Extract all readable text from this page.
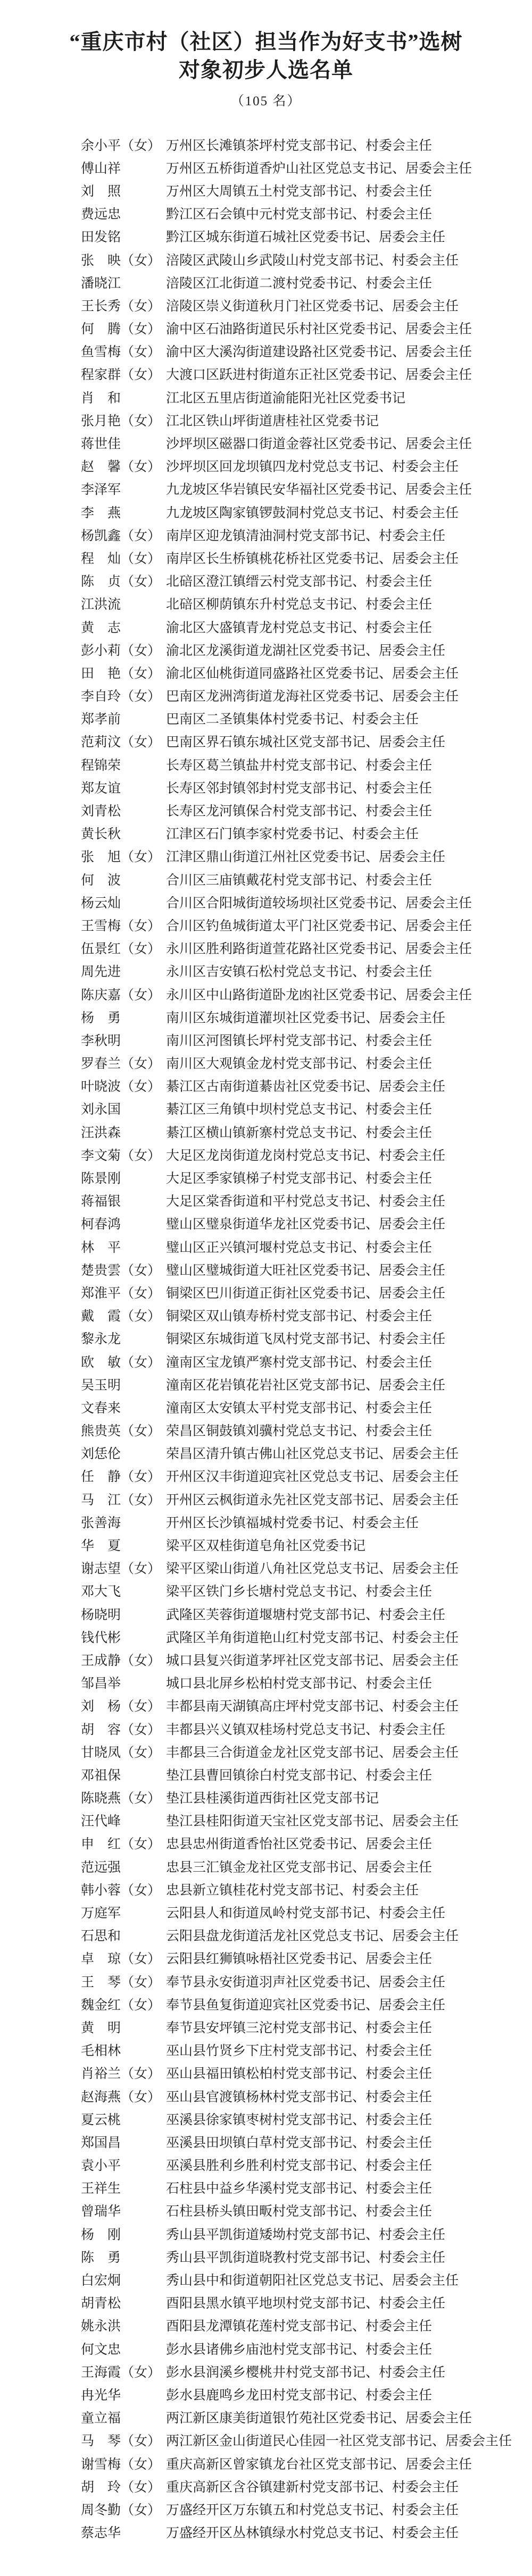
“重庆市村（社区）担当作为好支书”选树
对象初步人选名单
（105 名）
余小平（女） 万州区长滩镇茶坪村党支部书记、村委会主任
傅山祥	万州区五桥街道香炉山社区党总支书记、居委会主任
刘　照	万州区大周镇五土村党支部书记、村委会主任
费远忠	黔江区石会镇中元村党支部书记、村委会主任
田发铭	黔江区城东街道石城社区党委书记、居委会主任
张　映（女） 涪陵区武陵山乡武陵山村党支部书记、村委会主任
潘晓江	涪陵区江北街道二渡村党委书记、村委会主任
王长秀（女） 涪陵区崇义街道秋月门社区党委书记、居委会主任
何　腾（女） 渝中区石油路街道民乐村社区党委书记、居委会主任
鱼雪梅（女） 渝中区大溪沟街道建设路社区党委书记、居委会主任
程家群（女） 大渡口区跃进村街道东正社区党委书记、居委会主任
肖　和	江北区五里店街道渝能阳光社区党委书记
张月艳（女） 江北区铁山坪街道唐桂社区党委书记
蒋世佳	沙坪坝区磁器口街道金蓉社区党委书记、居委会主任
赵　馨（女） 沙坪坝区回龙坝镇四龙村党总支书记、村委会主任
李泽军	九龙坡区华岩镇民安华福社区党委书记、居委会主任
李　燕	九龙坡区陶家镇锣鼓洞村党总支书记、村委会主任
杨凯鑫（女） 南岸区迎龙镇清油洞村党支部书记、村委会主任
程　灿（女） 南岸区长生桥镇桃花桥社区党委书记、居委会主任
陈　贞（女） 北碚区澄江镇缙云村党支部书记、村委会主任
江洪流	北碚区柳荫镇东升村党总支书记、村委会主任
黄　志	渝北区大盛镇青龙村党总支书记、村委会主任
彭小莉（女） 渝北区龙溪街道龙湖社区党委书记、居委会主任
田　艳（女） 渝北区仙桃街道同盛路社区党委书记、居委会主任
李自玲（女） 巴南区龙洲湾街道龙海社区党委书记、居委会主任
郑孝前	巴南区二圣镇集体村党委书记、村委会主任
范莉汶（女） 巴南区界石镇东城社区党支部书记、居委会主任
程锦荣	长寿区葛兰镇盐井村党支部书记、村委会主任
郑友谊	长寿区邻封镇邻封村党支部书记、村委会主任
刘青松	长寿区龙河镇保合村党支部书记、村委会主任
黄长秋	江津区石门镇李家村党委书记、村委会主任
张　旭（女） 江津区鼎山街道江州社区党委书记、居委会主任
何　波	合川区三庙镇戴花村党支部书记、村委会主任
杨云灿	合川区合阳城街道较场坝社区党委书记、居委会主任
王雪梅（女） 合川区钓鱼城街道太平门社区党委书记、居委会主任
伍景红（女） 永川区胜利路街道萱花路社区党委书记、居委会主任
周先进	永川区吉安镇石松村党总支书记、村委会主任
陈庆嘉（女） 永川区中山路街道卧龙凼社区党委书记、居委会主任
杨　勇	南川区东城街道灌坝社区党委书记、居委会主任
李秋明	南川区河图镇长坪村党支部书记、村委会主任
罗春兰（女） 南川区大观镇金龙村党支部书记、村委会主任
叶晓波（女） 綦江区古南街道綦齿社区党委书记、居委会主任
刘永国	綦江区三角镇中坝村党总支书记、村委会主任
汪洪森	綦江区横山镇新寨村党总支书记、村委会主任
李文菊（女） 大足区龙岗街道龙岗村党总支书记、村委会主任
陈景刚	大足区季家镇梯子村党支部书记、村委会主任
蒋福银	大足区棠香街道和平村党总支书记、村委会主任
柯春鸿	璧山区璧泉街道华龙社区党委书记、居委会主任
林　平	璧山区正兴镇河堰村党总支书记、村委会主任
楚贵雲（女） 璧山区璧城街道大旺社区党委书记、居委会主任
郑淮平（女） 铜梁区巴川街道正街社区党委书记、居委会主任
戴　霞（女） 铜梁区双山镇寿桥村党支部书记、村委会主任
黎永龙	铜梁区东城街道飞凤村党支部书记、村委会主任
欧　敏（女） 潼南区宝龙镇严寨村党支部书记、村委会主任
吴玉明	潼南区花岩镇花岩社区党支部书记、居委会主任
文春来	潼南区太安镇太平村党支部书记、村委会主任
熊贵英（女） 荣昌区铜鼓镇刘骥村党总支书记、村委会主任
刘恁伦	荣昌区清升镇古佛山社区党总支书记、居委会主任
任　静（女） 开州区汉丰街道迎宾社区党总支书记、居委会主任
马　江（女） 开州区云枫街道永先社区党支部书记、居委会主任
张善海	开州区长沙镇福城村党委书记、村委会主任
华　夏	梁平区双桂街道皂角社区党委书记
谢志望（女） 梁平区梁山街道八角社区党总支书记、居委会主任
邓大飞	梁平区铁门乡长塘村党总支书记、村委会主任
杨晓明	武隆区芙蓉街道堰塘村党支部书记、村委会主任
钱代彬	武隆区羊角街道艳山红村党支部书记、村委会主任
王成静（女） 城口县复兴街道茅坪社区党支部书记、居委会主任
邹昌举	城口县北屏乡松柏村党支部书记、村委会主任
刘　杨（女） 丰都县南天湖镇高庄坪村党支部书记、村委会主任
胡　容（女） 丰都县兴义镇双桂场村党总支书记、村委会主任
甘晓凤（女） 丰都县三合街道金龙社区党支部书记、居委会主任
邓祖保	垫江县曹回镇徐白村党支部书记、村委会主任
陈晓燕（女） 垫江县桂溪街道西街社区党支部书记
汪代峰	垫江县桂阳街道天宝社区党支部书记、居委会主任
申　红（女） 忠县忠州街道香怡社区党委书记、居委会主任
范远强	忠县三汇镇金龙社区党支部书记、居委会主任
韩小蓉（女） 忠县新立镇桂花村党支部书记、村委会主任
万庭军	云阳县人和街道凤岭村党支部书记、村委会主任
石思和	云阳县盘龙街道活龙社区党总支书记、居委会主任
卓　琼（女） 云阳县红狮镇咏梧社区党委书记、居委会主任
王　琴（女） 奉节县永安街道羽声社区党委书记、居委会主任
魏金红（女） 奉节县鱼复街道迎宾社区党委书记、居委会主任
黄　明	奉节县安坪镇三沱村党支部书记、村委会主任
毛相林	巫山县竹贤乡下庄村党支部书记、村委会主任
肖裕兰（女） 巫山县福田镇松柏村党支部书记、村委会主任
赵海燕（女） 巫山县官渡镇杨林村党支部书记、村委会主任
夏云桃	巫溪县徐家镇枣树村党支部书记、村委会主任
郑国昌	巫溪县田坝镇白草村党支部书记、村委会主任
袁小平	巫溪县胜利乡胜利村党支部书记、村委会主任
王祥生	石柱县中益乡华溪村党支部书记、村委会主任
曾瑞华	石柱县桥头镇田畈村党支部书记、村委会主任
杨　刚	秀山县平凯街道矮坳村党支部书记、村委会主任
陈　勇	秀山县平凯街道晓教村党支部书记、村委会主任
白宏炯	秀山县中和街道朝阳社区党总支书记、居委会主任
胡青松	酉阳县黑水镇平地坝村党支部书记、村委会主任
姚永洪	酉阳县龙潭镇花莲村党支部书记、村委会主任
何文忠	彭水县诸佛乡庙池村党支部书记、村委会主任
王海霞（女） 彭水县润溪乡樱桃井村党支部书记、村委会主任
冉光华	彭水县鹿鸣乡龙田村党支部书记、村委会主任
童立福	两江新区康美街道银竹苑社区党委书记、居委会主任
马　琴（女） 两江新区金山街道民心佳园一社区党支部书记、居委会主任
谢雪梅（女） 重庆高新区曾家镇龙台社区党支部书记、居委会主任
胡　玲（女） 重庆高新区含谷镇建新村党支部书记、村委会主任
周冬勤（女） 万盛经开区万东镇五和村党总支书记、村委会主任
蔡志华	万盛经开区丛林镇绿水村党总支书记、村委会主任
